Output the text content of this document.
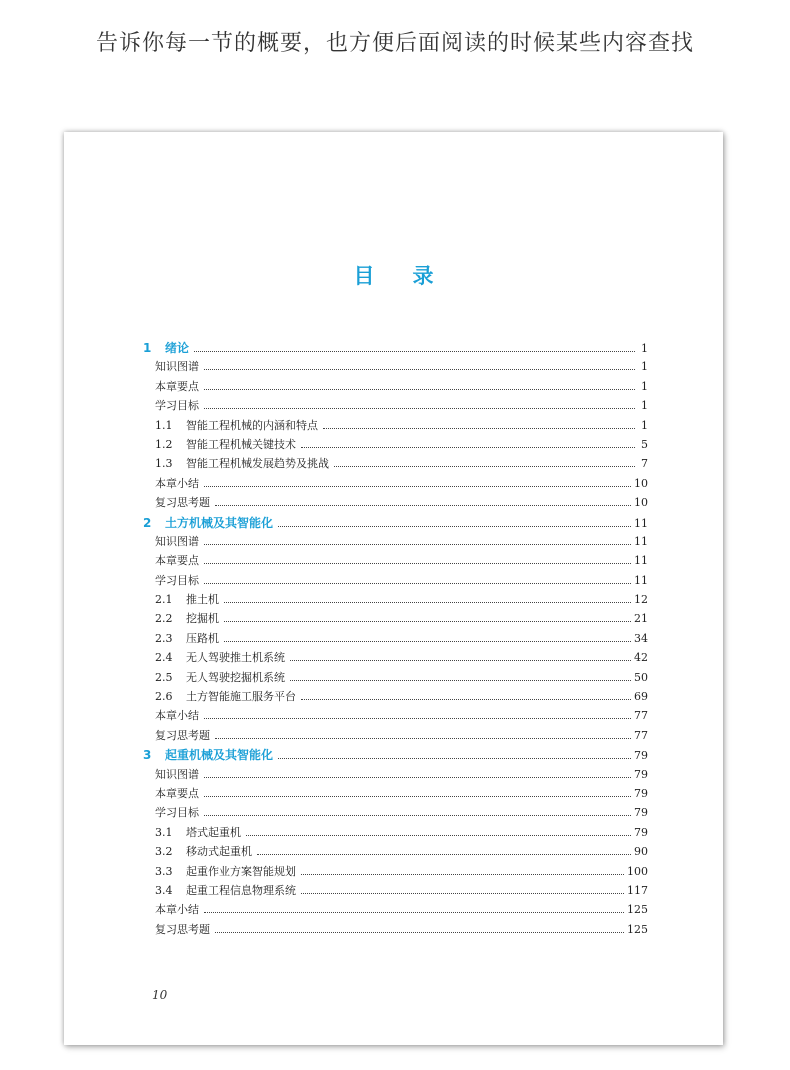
告诉你每一节的概要，也方便后面阅读的时候某些内容查找
目录
1 绪论	1
知识图谱	1
本章要点	1
学习目标	1
1.1 智能工程机械的内涵和特点	1
1.2 智能工程机械关键技术	5
1.3 智能工程机械发展趋势及挑战	7
本章小结	10
复习思考题	10
2 土方机械及其智能化	11
知识图谱	11
本章要点	11
学习目标	11
2.1 推土机	12
2.2 挖掘机	21
2.3 压路机	34
2.4 无人驾驶推土机系统	42
2.5 无人驾驶挖掘机系统	50
2.6 土方智能施工服务平台	69
本章小结	77
复习思考题	77
3 起重机械及其智能化	79
知识图谱	79
本章要点	79
学习目标	79
3.1 塔式起重机	79
3.2 移动式起重机	90
3.3 起重作业方案智能规划	100
3.4 起重工程信息物理系统	117
本章小结	125
复习思考题	125
10
